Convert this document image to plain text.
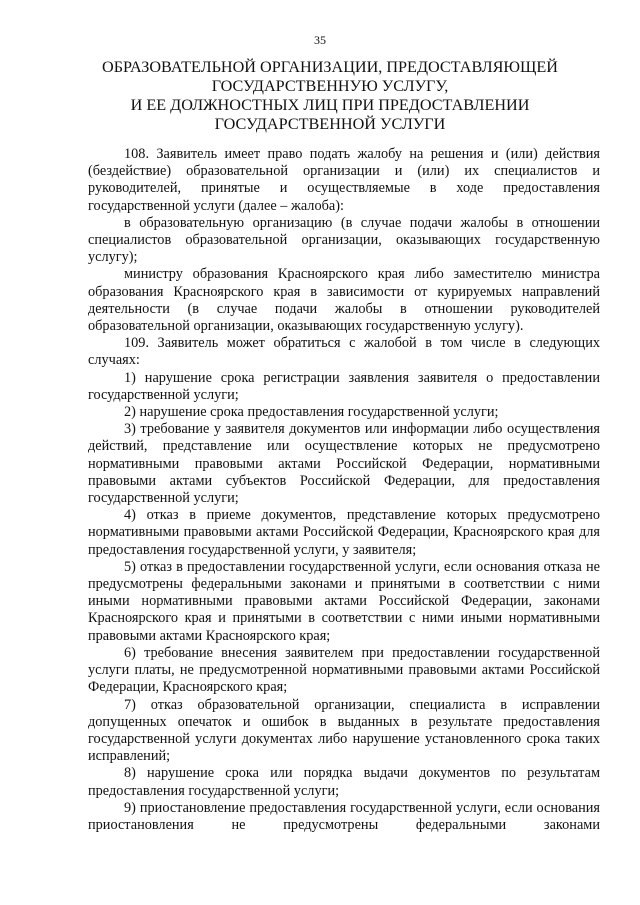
35
ОБРАЗОВАТЕЛЬНОЙ ОРГАНИЗАЦИИ, ПРЕДОСТАВЛЯЮЩЕЙ
ГОСУДАРСТВЕННУЮ УСЛУГУ,
И ЕЕ ДОЛЖНОСТНЫХ ЛИЦ ПРИ ПРЕДОСТАВЛЕНИИ
ГОСУДАРСТВЕННОЙ УСЛУГИ

108. Заявитель имеет право подать жалобу на решения и (или) действия (бездействие) образовательной организации и (или) их специалистов и руководителей, принятые и осуществляемые в ходе предоставления государственной услуги (далее – жалоба):

в образовательную организацию (в случае подачи жалобы в отношении специалистов образовательной организации, оказывающих государственную услугу);

министру образования Красноярского края либо заместителю министра образования Красноярского края в зависимости от курируемых направлений деятельности (в случае подачи жалобы в отношении руководителей образовательной организации, оказывающих государственную услугу).

109. Заявитель может обратиться с жалобой в том числе в следующих случаях:

1) нарушение срока регистрации заявления заявителя о предоставлении государственной услуги;

2) нарушение срока предоставления государственной услуги;

3) требование у заявителя документов или информации либо осуществления действий, представление или осуществление которых не предусмотрено нормативными правовыми актами Российской Федерации, нормативными правовыми актами субъектов Российской Федерации, для предоставления государственной услуги;

4) отказ в приеме документов, представление которых предусмотрено нормативными правовыми актами Российской Федерации, Красноярского края для предоставления государственной услуги, у заявителя;

5) отказ в предоставлении государственной услуги, если основания отказа не предусмотрены федеральными законами и принятыми в соответствии с ними иными нормативными правовыми актами Российской Федерации, законами Красноярского края и принятыми в соответствии с ними иными нормативными правовыми актами Красноярского края;

6) требование внесения заявителем при предоставлении государственной услуги платы, не предусмотренной нормативными правовыми актами Российской Федерации, Красноярского края;

7) отказ образовательной организации, специалиста в исправлении допущенных опечаток и ошибок в выданных в результате предоставления государственной услуги документах либо нарушение установленного срока таких исправлений;

8) нарушение срока или порядка выдачи документов по результатам предоставления государственной услуги;

9) приостановление предоставления государственной услуги, если основания приостановления не предусмотрены федеральными законами
